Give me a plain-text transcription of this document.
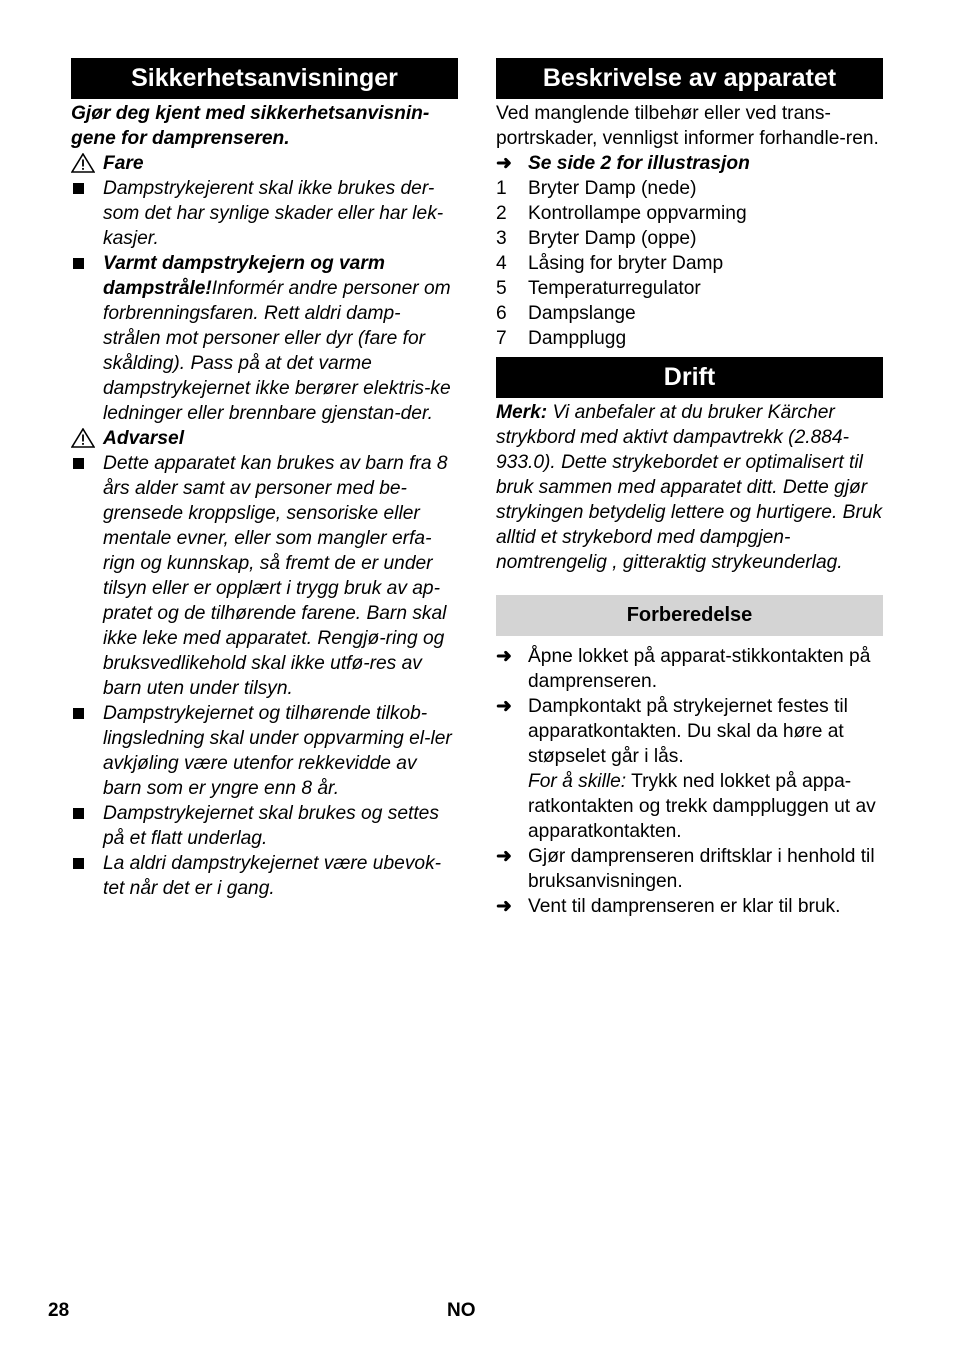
Sikkerhetsanvisninger

Gjør deg kjent med sikkerhetsanvisnin-gene for damprenseren.

Fare
Dampstrykejerent skal ikke brukes der-som det har synlige skader eller har lek-kasjer.
Varmt dampstrykejern og varm dampstråle!Informér andre personer om forbrenningsfaren. Rett aldri damp-strålen mot personer eller dyr (fare for skålding). Pass på at det varme dampstrykejernet ikke berører elektris-ke ledninger eller brennbare gjenstan-der.
Advarsel
Dette apparatet kan brukes av barn fra 8 års alder samt av personer med be-grensede kroppslige, sensoriske eller mentale evner, eller som mangler erfa-rign og kunnskap, så fremt de er under tilsyn eller er opplært i trygg bruk av ap-pratet og de tilhørende farene. Barn skal ikke leke med apparatet. Rengjø-ring og bruksvedlikehold skal ikke utfø-res av barn uten under tilsyn.
Dampstrykejernet og tilhørende tilkob-lingsledning skal under oppvarming el-ler avkjøling være utenfor rekkevidde av barn som er yngre enn 8 år.
Dampstrykejernet skal brukes og settes på et flatt underlag.
La aldri dampstrykejernet være ubevok-tet når det er i gang.
Beskrivelse av apparatet

Ved manglende tilbehør eller ved trans-portrskader, vennligst informer forhandle-ren.

➜ Se side 2 for illustrasjon
1 Bryter Damp (nede)
2 Kontrollampe oppvarming
3 Bryter Damp (oppe)
4 Låsing for bryter Damp
5 Temperaturregulator
6 Dampslange
7 Dampplugg
Drift

Merk: Vi anbefaler at du bruker Kärcher strykbord med aktivt dampavtrekk (2.884-933.0). Dette strykebordet er optimalisert til bruk sammen med apparatet ditt. Dette gjør strykingen betydelig lettere og hurtigere. Bruk alltid et strykebord med dampgjen-nomtrengelig , gitteraktig strykeunderlag.

Forberedelse
➜ Åpne lokket på apparat-stikkontakten på damprenseren.
➜ Dampkontakt på strykejernet festes til apparatkontakten. Du skal da høre at støpselet går i lås.
For å skille: Trykk ned lokket på appa-ratkontakten og trekk damppluggen ut av apparatkontakten.
➜ Gjør damprenseren driftsklar i henhold til bruksanvisningen.
➜ Vent til damprenseren er klar til bruk.
28	NO
